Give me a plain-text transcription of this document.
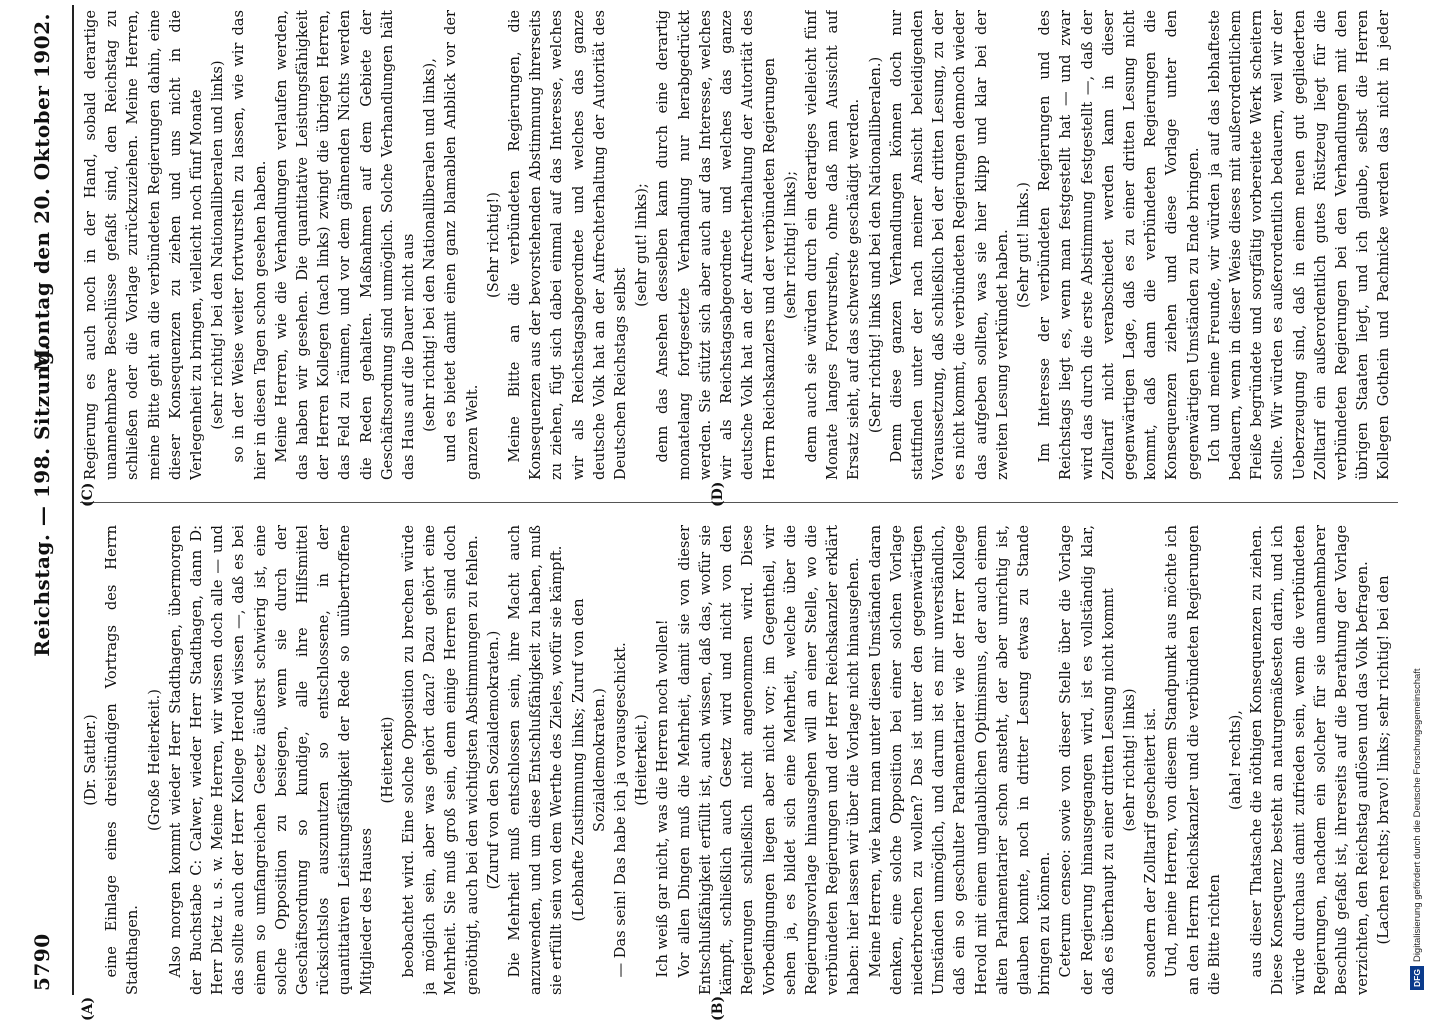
5790
Reichstag. — 198. Sitzung.
Montag den 20. Oktober 1902.

(Dr. Sattler.) eine Einlage eines dreistündigen Vortrags des Herrn Stadthagen.

(Große Heiterkeit.) Also morgen kommt wieder Herr Stadthagen, übermorgen der Buchstabe C: Calwer, wieder Herr Stadthagen, dann D: Herr Dietz u. s. w. Meine Herren, wir wissen doch alle — und das sollte auch der Herr Kollege Herold wissen —, daß es bei einem so umfangreichen Gesetz äußerst schwierig ist, eine solche Opposition zu besiegen, wenn sie durch der Geschäftsordnung so kundige, alle ihre Hilfsmittel rücksichtslos auszunutzen so entschlossene, in der quantitativen Leistungsfähigkeit der Rede so unübertroffene Mitglieder des Hauses

(Heiterkeit) beobachtet wird. Eine solche Opposition zu brechen würde ja möglich sein, aber was gehört dazu? Dazu gehört eine Mehrheit. Sie muß groß sein, denn einige Herren sind doch genöthigt, auch bei den wichtigsten Abstimmungen zu fehlen. (Zuruf von den Sozialdemokraten.) Die Mehrheit muß entschlossen sein, ihre Macht auch anzuwenden, und um diese Entschlußfähigkeit zu haben, muß sie erfüllt sein von dem Werthe des Zieles, wofür sie kämpft. (Lebhafte Zustimmung links; Zuruf von den Sozialdemokraten.) — Das sein! Das habe ich ja vorausgeschickt. (Heiterkeit.) Ich weiß gar nicht, was die Herren noch wollen! Vor allen Dingen muß die Mehrheit, damit sie von dieser Entschlußfähigkeit erfüllt ist, auch wissen, daß das, wofür sie kämpft, schließlich auch Gesetz wird und nicht von den Regierungen schließlich nicht angenommen wird. Diese Vorbedingungen liegen aber nicht vor; im Gegentheil, wir sehen ja, es bildet sich eine Mehrheit, welche über die Regierungsvorlage hinausgehen will an einer Stelle, wo die verbündeten Regierungen und der Herr Reichskanzler erklärt haben: hier lassen wir über die Vorlage nicht hinausgehen. Meine Herren, wie kann man unter diesen Umständen daran denken, eine solche Opposition bei einer solchen Vorlage niederbrechen zu wollen? Das ist unter den gegenwärtigen Umständen unmöglich, und darum ist es mir unverständlich, daß ein so geschulter Parlamentarier wie der Herr Kollege Herold mit einem unglaublichen Optimismus, der auch einem alten Parlamentarier schon ansteht, der aber unrichtig ist, glauben konnte, noch in dritter Lesung etwas zu Stande bringen zu können. Ceterum censeo: sowie von dieser Stelle über die Vorlage der Regierung hinausgegangen wird, ist es vollständig klar, daß es überhaupt zu einer dritten Lesung nicht kommt (sehr richtig! links) sondern der Zolltarif gescheitert ist. Und, meine Herren, von diesem Standpunkt aus möchte ich an den Herrn Reichskanzler und die verbündeten Regierungen die Bitte richten

(aha! rechts), aus dieser Thatsache die nöthigen Konsequenzen zu ziehen. Diese Konsequenz besteht an naturgemäßesten darin, und ich würde durchaus damit zufrieden sein, wenn die verbündeten Regierungen, nachdem ein solcher für sie unannehmbarer Beschluß gefaßt ist, ihrerseits auf die Berathung der Vorlage verzichten, den Reichstag auflösen und das Volk befragen. (Lachen rechts; bravo! links; sehr richtig! bei den

Regierung es auch noch in der Hand, sobald derartige unannehmbare Beschlüsse gefaßt sind, den Reichstag zu schließen oder die Vorlage zurückzuziehen. Meine Herren, meine Bitte geht an die verbündeten Regierungen dahin, eine dieser Konsequenzen zu ziehen und uns nicht in die Verlegenheit zu bringen, vielleicht noch fünf Monate (sehr richtig! bei den Nationalliberalen und links) so in der Weise weiter fortwursteln zu lassen, wie wir das hier in diesen Tagen schon gesehen haben. Meine Herren, wie die Verhandlungen verlaufen werden, das haben wir gesehen. Die quantitative Leistungsfähigkeit der Herren Kollegen (nach links) zwingt die übrigen Herren, das Feld zu räumen, und vor dem gähnenden Nichts werden die Reden gehalten. Maßnahmen auf dem Gebiete der Geschäftsordnung sind unmöglich. Solche Verhandlungen hält das Haus auf die Dauer nicht aus (sehr richtig! bei den Nationalliberalen und links), und es bietet damit einen ganz blamablen Anblick vor der ganzen Welt.

(Sehr richtig!) Meine Bitte an die verbündeten Regierungen, die Konsequenzen aus der bevorstehenden Abstimmung ihrerseits zu ziehen, fügt sich dabei einmal auf das Interesse, welches wir als Reichstagsabgeordnete und welches das ganze deutsche Volk hat an der Aufrechterhaltung der Autorität des Deutschen Reichstags selbst

(sehr gut! links); denn das Ansehen desselben kann durch eine derartig monatelang fortgesetzte Verhandlung nur herabgedrückt werden. Sie stützt sich aber auch auf das Interesse, welches wir als Reichstagsabgeordnete und welches das ganze deutsche Volk hat an der Aufrechterhaltung der Autorität des Herrn Reichskanzlers und der verbündeten Regierungen (sehr richtig! links); denn auch sie würden durch ein derartiges vielleicht fünf Monate langes Fortwursteln, ohne daß man Aussicht auf Ersatz sieht, auf das schwerste geschädigt werden. (Sehr richtig! links und bei den Nationalliberalen.) Denn diese ganzen Verhandlungen können doch nur stattfinden unter der nach meiner Ansicht beleidigenden Voraussetzung, daß schließlich bei der dritten Lesung, zu der es nicht kommt, die verbündeten Regierungen dennoch wieder das aufgeben sollten, was sie hier klipp und klar bei der zweiten Lesung verkündet haben. (Sehr gut! links.) Im Interesse der verbündeten Regierungen und des Reichstags liegt es, wenn man festgestellt hat — und zwar wird das durch die erste Abstimmung festgestellt —, daß der Zolltarif nicht verabschiedet werden kann in dieser gegenwärtigen Lage, daß es zu einer dritten Lesung nicht kommt, daß dann die verbündeten Regierungen die Konsequenzen ziehen und diese Vorlage unter den gegenwärtigen Umständen zu Ende bringen. Ich und meine Freunde, wir würden ja auf das lebhafteste bedauern, wenn in dieser Weise dieses mit außerordentlichem Fleiße begründete und sorgfältig vorbereitete Werk scheitern sollte. Wir würden es außerordentlich bedauern, weil wir der Ueberzeugung sind, daß in einem neuen gut gegliederten Zolltarif ein außerordentlich gutes Rüstzeug liegt für die verbündeten Regierungen bei den Verhandlungen mit den übrigen Staaten liegt, und ich glaube, selbst die Herren Kollegen Gothein und Pachnicke werden das nicht in jeder

(A)	(B)
(C)	(D)
DFGDigitalisierung gefördert durch die Deutsche Forschungsgemeinschaft
